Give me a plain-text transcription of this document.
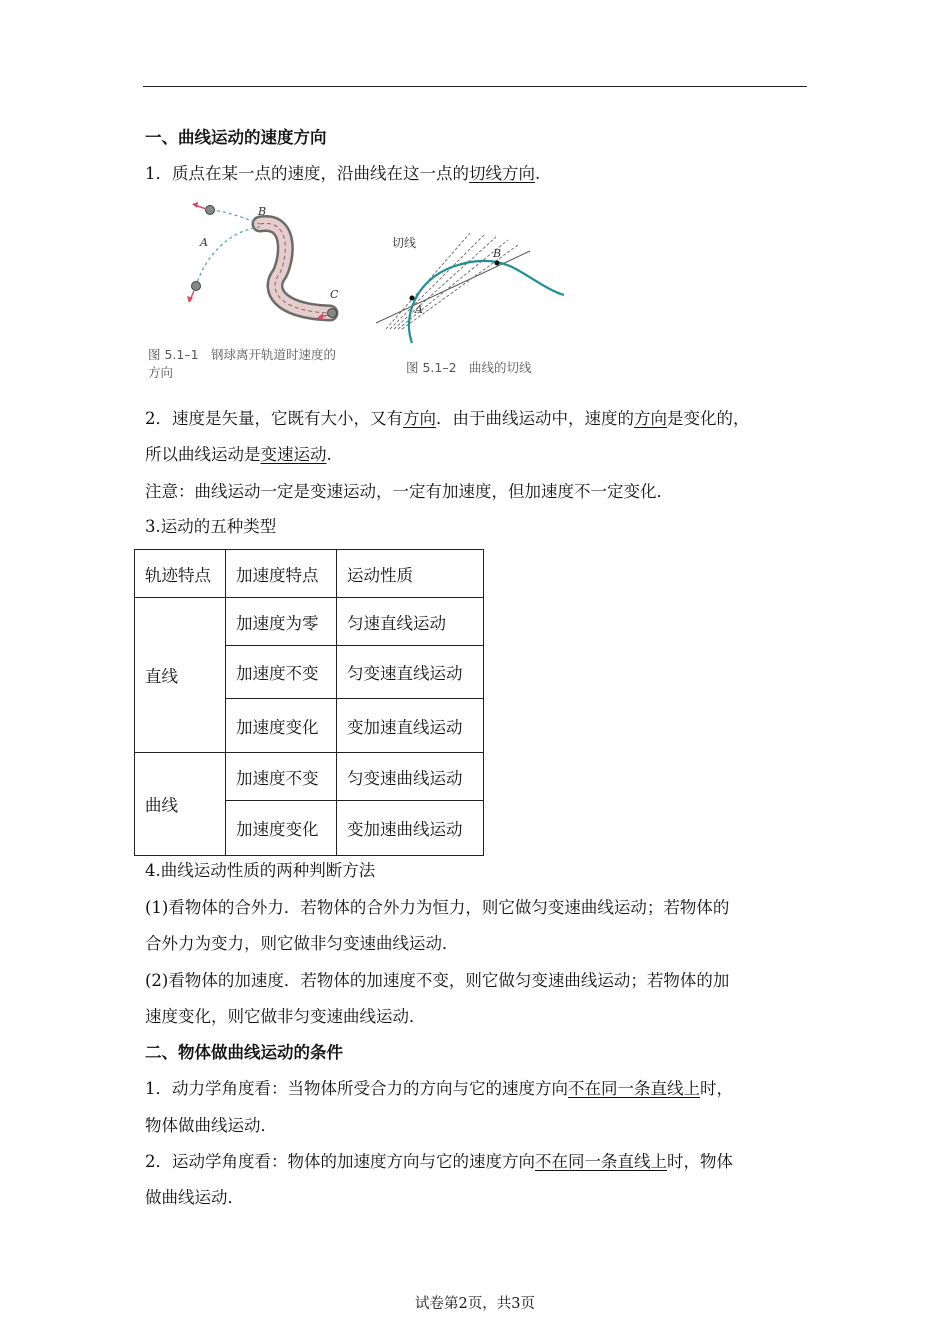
一、曲线运动的速度方向
1．质点在某一点的速度，沿曲线在这一点的切线方向.
A
B
C
图 5.1–1　钢球离开轨道时速度的
方向
切线
A
B
图 5.1–2　曲线的切线
2．速度是矢量，它既有大小，又有方向．由于曲线运动中，速度的方向是变化的，
所以曲线运动是变速运动.
注意：曲线运动一定是变速运动，一定有加速度，但加速度不一定变化．
3.运动的五种类型
轨迹特点	加速度特点	运动性质
直线	加速度为零	匀速直线运动
	加速度不变	匀变速直线运动
	加速度变化	变加速直线运动
曲线	加速度不变	匀变速曲线运动
	加速度变化	变加速曲线运动
4.曲线运动性质的两种判断方法
(1)看物体的合外力．若物体的合外力为恒力，则它做匀变速曲线运动；若物体的
合外力为变力，则它做非匀变速曲线运动．
(2)看物体的加速度．若物体的加速度不变，则它做匀变速曲线运动；若物体的加
速度变化，则它做非匀变速曲线运动．
二、物体做曲线运动的条件
1．动力学角度看：当物体所受合力的方向与它的速度方向不在同一条直线上时，
物体做曲线运动．
2．运动学角度看：物体的加速度方向与它的速度方向不在同一条直线上时，物体
做曲线运动．
试卷第2页，共3页
